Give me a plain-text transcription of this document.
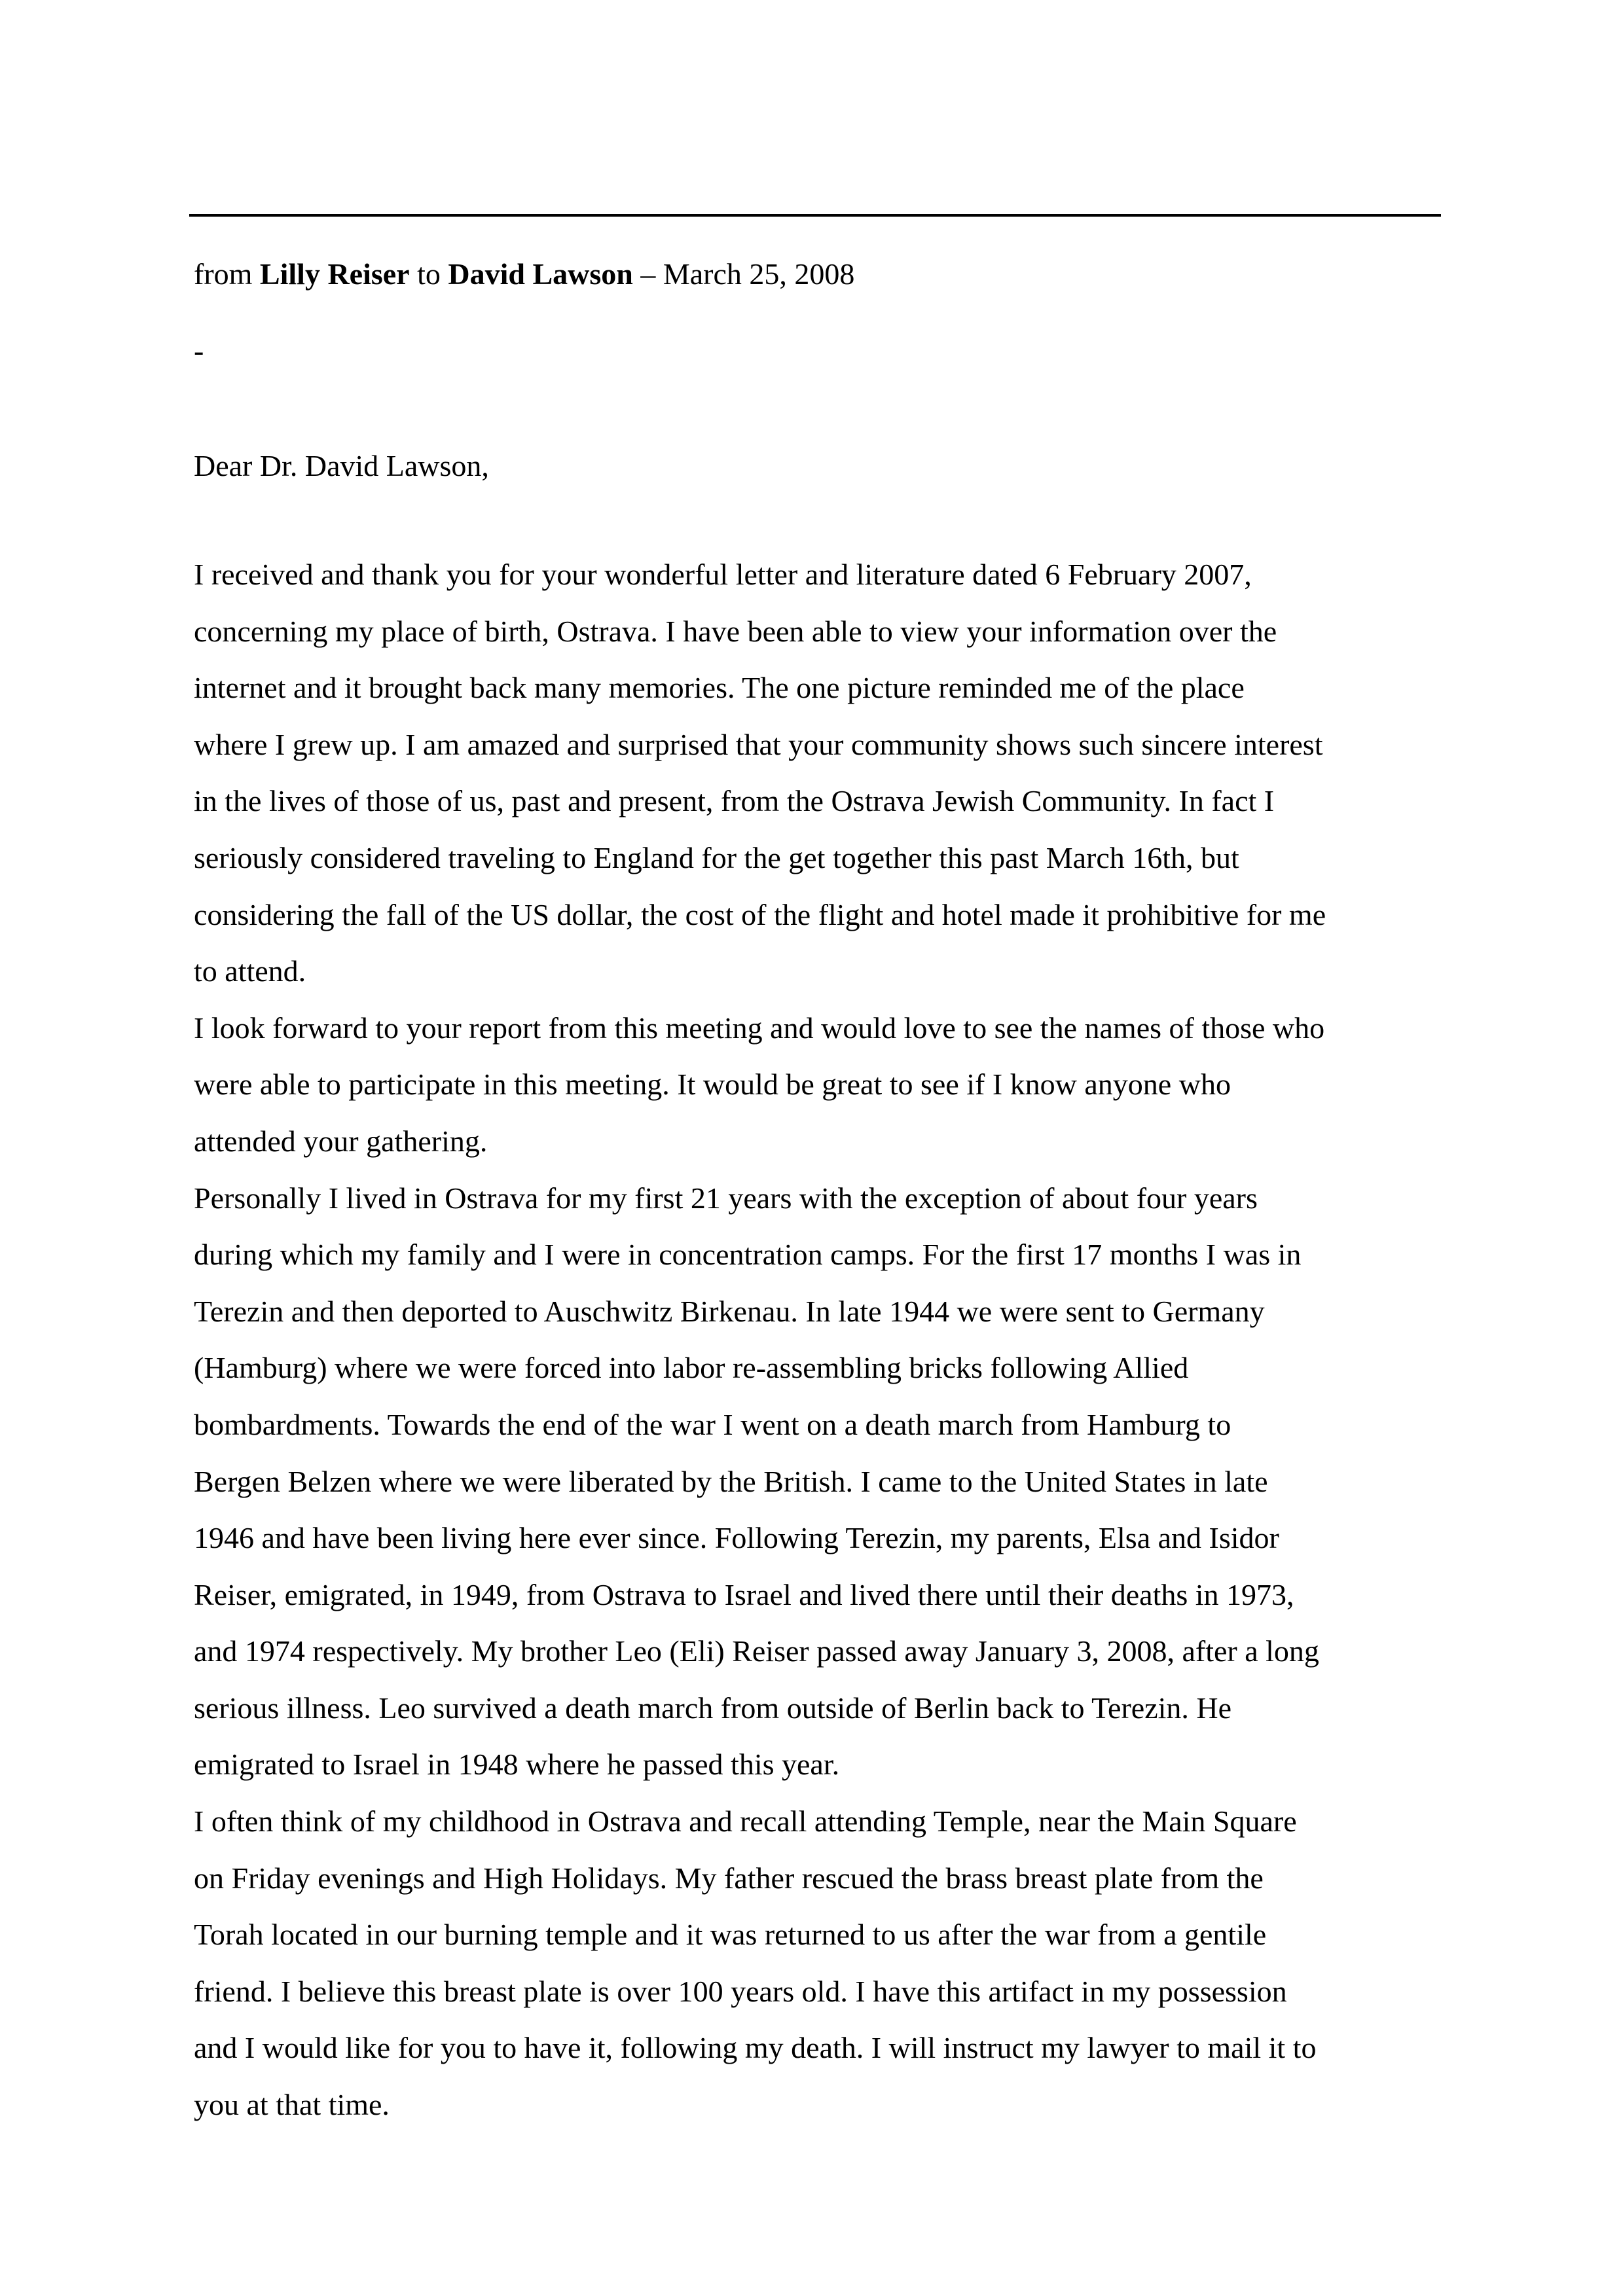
from Lilly Reiser to David Lawson – March 25, 2008
-
Dear Dr. David Lawson,
I received and thank you for your wonderful letter and literature dated 6 February 2007,
concerning my place of birth, Ostrava. I have been able to view your information over the
internet and it brought back many memories. The one picture reminded me of the place
where I grew up. I am amazed and surprised that your community shows such sincere interest
in the lives of those of us, past and present, from the Ostrava Jewish Community. In fact I
seriously considered traveling to England for the get together this past March 16th, but
considering the fall of the US dollar, the cost of the flight and hotel made it prohibitive for me
to attend.
I look forward to your report from this meeting and would love to see the names of those who
were able to participate in this meeting. It would be great to see if I know anyone who
attended your gathering.
Personally I lived in Ostrava for my first 21 years with the exception of about four years
during which my family and I were in concentration camps. For the first 17 months I was in
Terezin and then deported to Auschwitz Birkenau. In late 1944 we were sent to Germany
(Hamburg) where we were forced into labor re-assembling bricks following Allied
bombardments. Towards the end of the war I went on a death march from Hamburg to
Bergen Belzen where we were liberated by the British. I came to the United States in late
1946 and have been living here ever since. Following Terezin, my parents, Elsa and Isidor
Reiser, emigrated, in 1949, from Ostrava to Israel and lived there until their deaths in 1973,
and 1974 respectively. My brother Leo (Eli) Reiser passed away January 3, 2008, after a long
serious illness. Leo survived a death march from outside of Berlin back to Terezin. He
emigrated to Israel in 1948 where he passed this year.
I often think of my childhood in Ostrava and recall attending Temple, near the Main Square
on Friday evenings and High Holidays. My father rescued the brass breast plate from the
Torah located in our burning temple and it was returned to us after the war from a gentile
friend. I believe this breast plate is over 100 years old. I have this artifact in my possession
and I would like for you to have it, following my death. I will instruct my lawyer to mail it to
you at that time.
